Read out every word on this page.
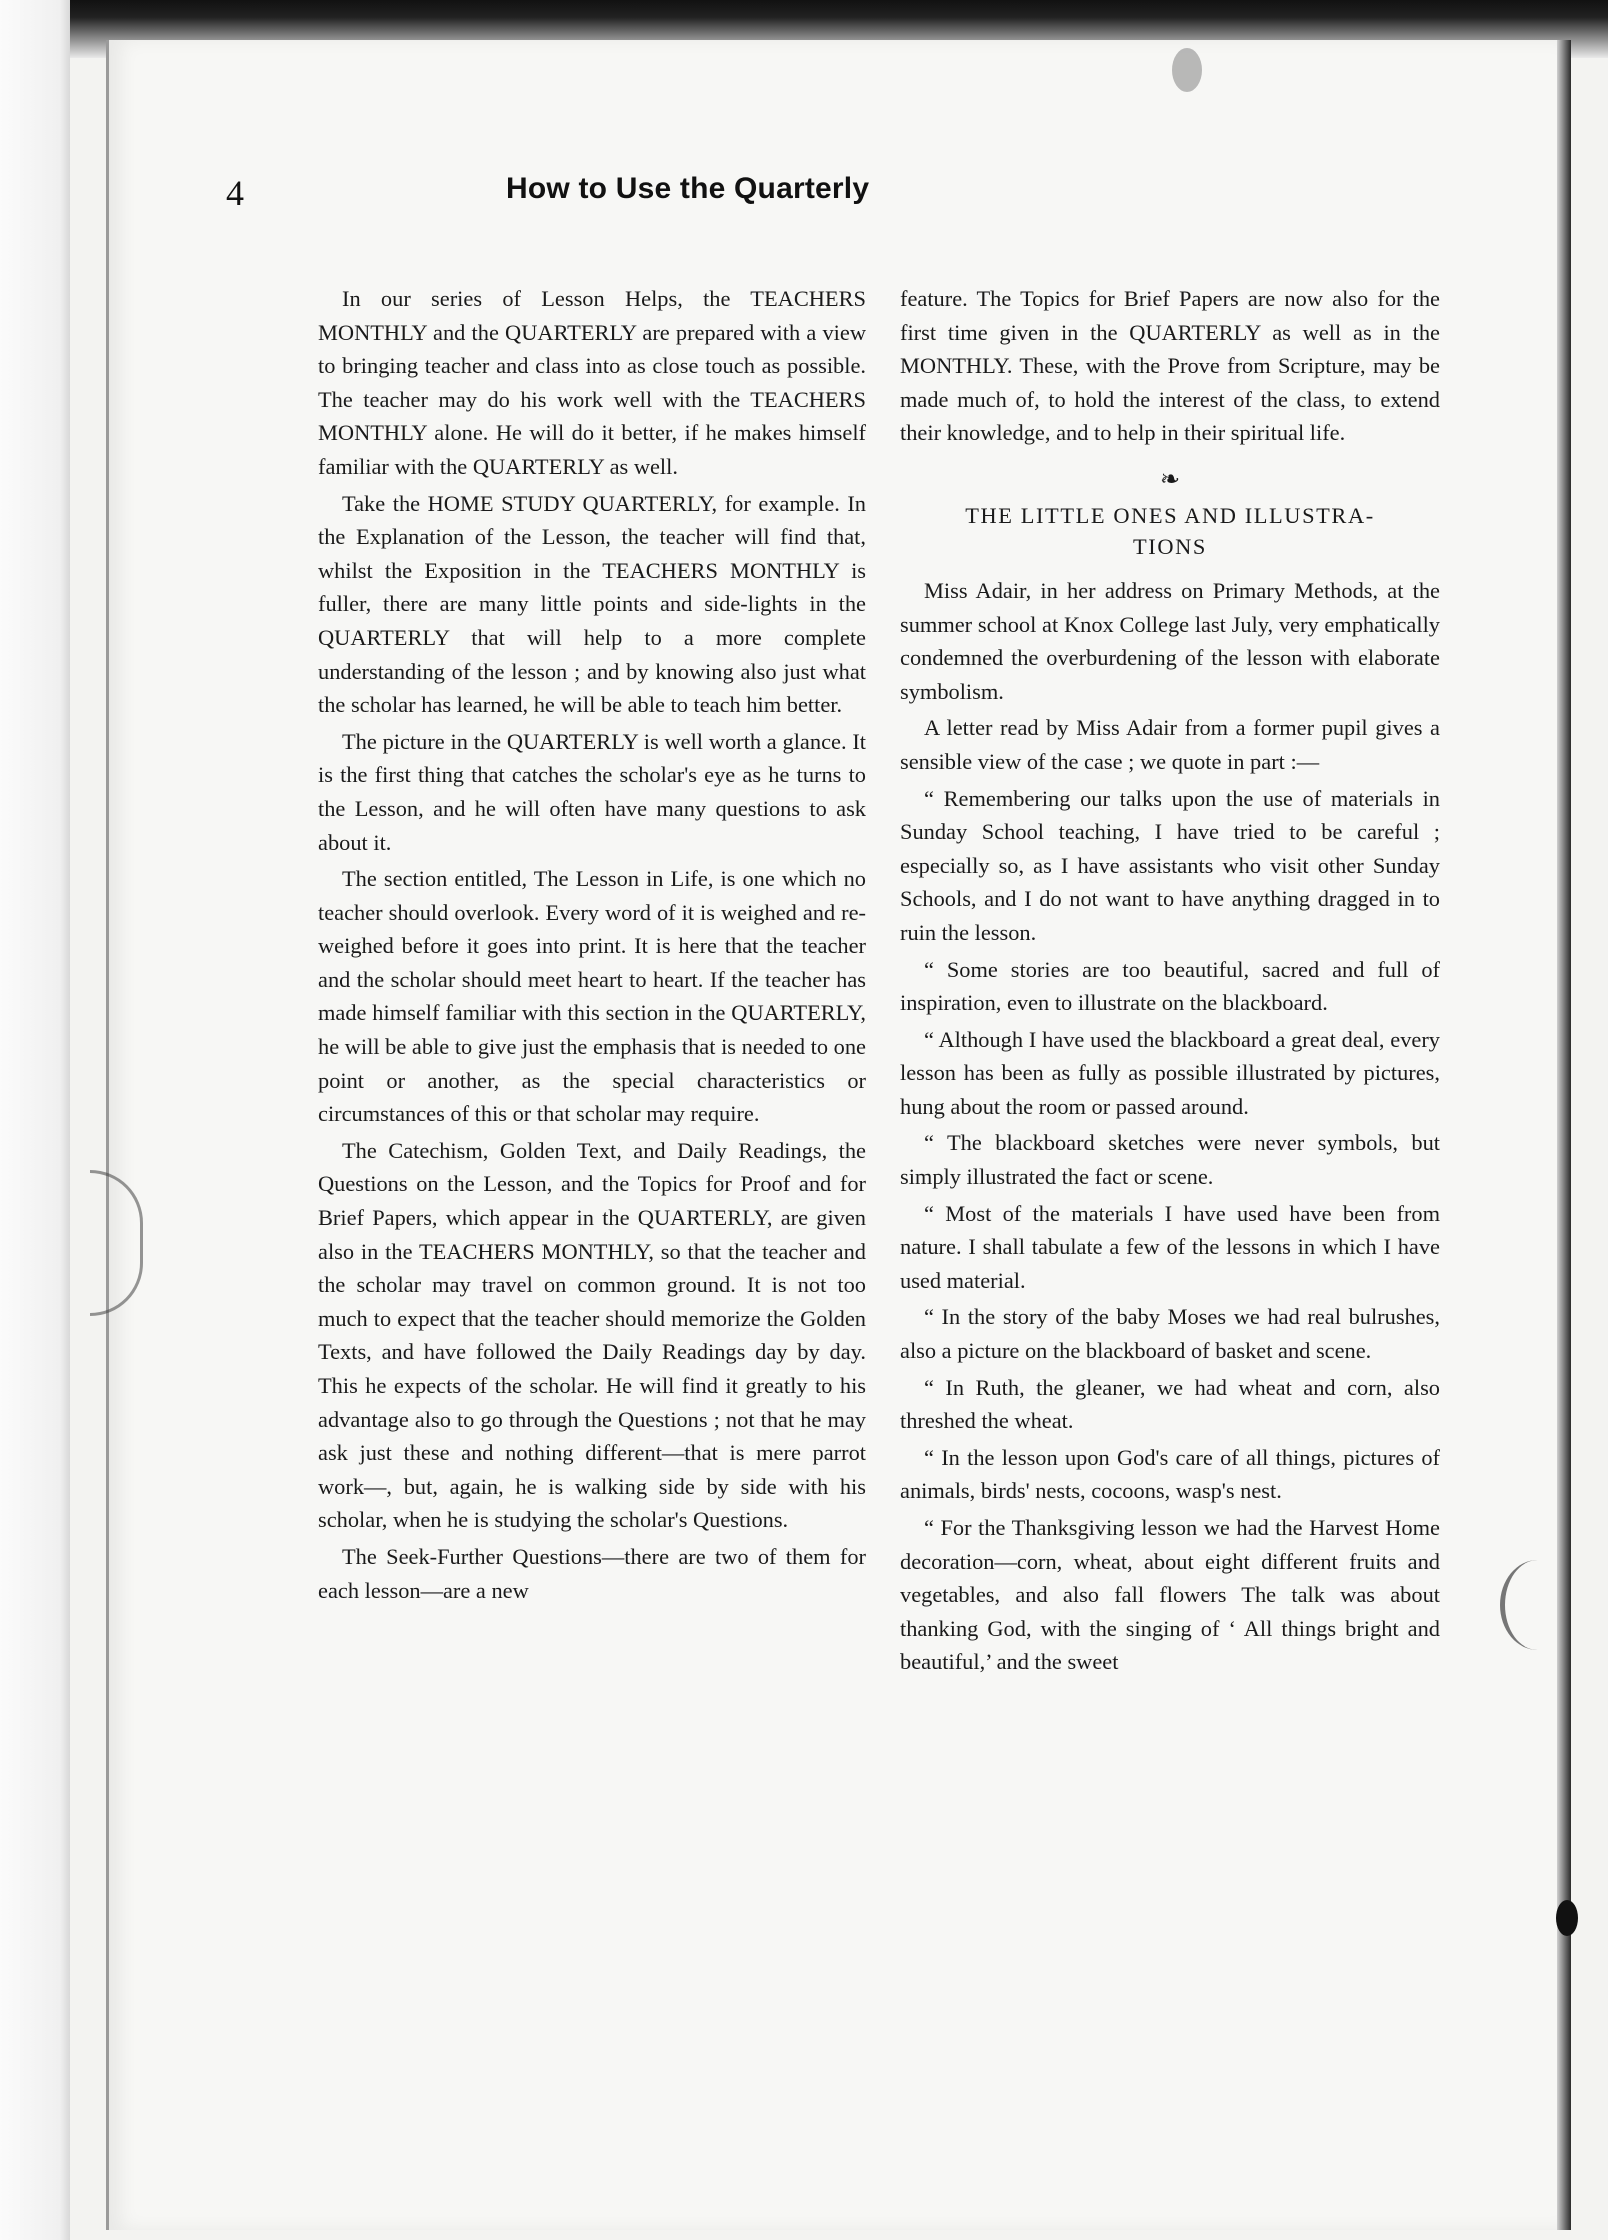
4	How to Use the Quarterly

In our series of Lesson Helps, the TEACHERS MONTHLY and the QUARTERLY are prepared with a view to bringing teacher and class into as close touch as possible. The teacher may do his work well with the TEACHERS MONTHLY alone. He will do it better, if he makes himself familiar with the QUARTERLY as well.

Take the HOME STUDY QUARTERLY, for example. In the Explanation of the Lesson, the teacher will find that, whilst the Exposition in the TEACHERS MONTHLY is fuller, there are many little points and side-lights in the QUARTERLY that will help to a more complete understanding of the lesson ; and by knowing also just what the scholar has learned, he will be able to teach him better.

The picture in the QUARTERLY is well worth a glance. It is the first thing that catches the scholar's eye as he turns to the Lesson, and he will often have many questions to ask about it.

The section entitled, The Lesson in Life, is one which no teacher should overlook. Every word of it is weighed and re-weighed before it goes into print. It is here that the teacher and the scholar should meet heart to heart. If the teacher has made himself familiar with this section in the QUARTERLY, he will be able to give just the emphasis that is needed to one point or another, as the special characteristics or circumstances of this or that scholar may require.

The Catechism, Golden Text, and Daily Readings, the Questions on the Lesson, and the Topics for Proof and for Brief Papers, which appear in the QUARTERLY, are given also in the TEACHERS MONTHLY, so that the teacher and the scholar may travel on common ground. It is not too much to expect that the teacher should memorize the Golden Texts, and have followed the Daily Readings day by day. This he expects of the scholar. He will find it greatly to his advantage also to go through the Questions ; not that he may ask just these and nothing different—that is mere parrot work—, but, again, he is walking side by side with his scholar, when he is studying the scholar's Questions.

The Seek-Further Questions—there are two of them for each lesson—are a new

feature. The Topics for Brief Papers are now also for the first time given in the QUARTERLY as well as in the MONTHLY. These, with the Prove from Scripture, may be made much of, to hold the interest of the class, to extend their knowledge, and to help in their spiritual life.

❧
THE LITTLE ONES AND ILLUSTRA-
TIONS

Miss Adair, in her address on Primary Methods, at the summer school at Knox College last July, very emphatically condemned the overburdening of the lesson with elaborate symbolism.

A letter read by Miss Adair from a former pupil gives a sensible view of the case ; we quote in part :—

“ Remembering our talks upon the use of materials in Sunday School teaching, I have tried to be careful ; especially so, as I have assistants who visit other Sunday Schools, and I do not want to have anything dragged in to ruin the lesson.

“ Some stories are too beautiful, sacred and full of inspiration, even to illustrate on the blackboard.

“ Although I have used the blackboard a great deal, every lesson has been as fully as possible illustrated by pictures, hung about the room or passed around.

“ The blackboard sketches were never symbols, but simply illustrated the fact or scene.

“ Most of the materials I have used have been from nature. I shall tabulate a few of the lessons in which I have used material.

“ In the story of the baby Moses we had real bulrushes, also a picture on the blackboard of basket and scene.

“ In Ruth, the gleaner, we had wheat and corn, also threshed the wheat.

“ In the lesson upon God's care of all things, pictures of animals, birds' nests, cocoons, wasp's nest.

“ For the Thanksgiving lesson we had the Harvest Home decoration—corn, wheat, about eight different fruits and vegetables, and also fall flowers The talk was about thanking God, with the singing of ‘ All things bright and beautiful,’ and the sweet
